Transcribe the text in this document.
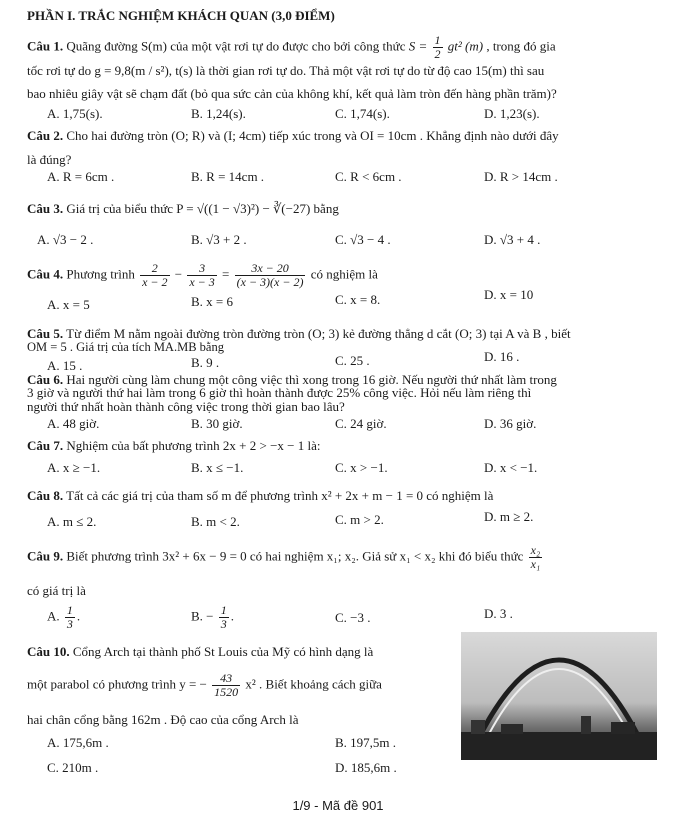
PHẦN I. TRẮC NGHIỆM KHÁCH QUAN (3,0 ĐIỂM)
Câu 1. Quãng đường S(m) của một vật rơi tự do được cho bởi công thức $S = \frac{1}{2} gt^2$ (m) , trong đó gia
tốc rơi tự do g = 9,8(m / s²), t(s) là thời gian rơi tự do. Thả một vật rơi tự do từ độ cao 15(m) thì sau
bao nhiêu giây vật sẽ chạm đất (bỏ qua sức cản của không khí, kết quả làm tròn đến hàng phần trăm)?
A. 1,75(s).	B. 1,24(s).	C. 1,74(s).	D. 1,23(s).
Câu 2. Cho hai đường tròn (O; R) và (I; 4cm) tiếp xúc trong và OI = 10cm . Khẳng định nào dưới đây
là đúng?
A. R = 6cm .	B. R = 14cm .	C. R < 6cm .	D. R > 14cm .
Câu 3. Giá trị của biểu thức P = √((1 − √3)²) − ∛(−27) bằng
A. √3 − 2 .	B. √3 + 2 .	C. √3 − 4 .	D. √3 + 4 .
Câu 4. Phương trình $\frac{2}{x - 2} - \frac{3}{x - 3} = \frac{3x - 20}{(x - 3)(x - 2)}$ có nghiệm là
A. x = 5	B. x = 6	C. x = 8.	D. x = 10
Câu 5. Từ điểm M nằm ngoài đường tròn đường tròn (O; 3) kẻ đường thẳng d cắt (O; 3) tại A và B , biết
OM = 5 . Giá trị của tích MA.MB bằng
A. 15 .	B. 9 .	C. 25 .	D. 16 .
Câu 6. Hai người cùng làm chung một công việc thì xong trong 16 giờ. Nếu người thứ nhất làm trong
3 giờ và người thứ hai làm trong 6 giờ thì hoàn thành được 25% công việc. Hỏi nếu làm riêng thì
người thứ nhất hoàn thành công việc trong thời gian bao lâu?
A. 48 giờ.	B. 30 giờ.	C. 24 giờ.	D. 36 giờ.
Câu 7. Nghiệm của bất phương trình 2x + 2 > −x − 1 là:
A. x ≥ −1.	B. x ≤ −1.	C. x > −1.	D. x < −1.
Câu 8. Tất cả các giá trị của tham số m để phương trình x² + 2x + m − 1 = 0 có nghiệm là
A. m ≤ 2.	B. m < 2.	C. m > 2.	D. m ≥ 2.
Câu 9. Biết phương trình 3x² + 6x − 9 = 0 có hai nghiệm x₁; x₂. Giả sử x₁ < x₂ khi đó biểu thức $\frac{\text{x₂}}{\text{x₁}}$
có giá trị là
A. $\frac{1}{3}$ .	B. − $\frac{1}{3}$ .	C. −3 .	D. 3 .
Câu 10. Cổng Arch tại thành phố St Louis của Mỹ có hình dạng là
một parabol có phương trình y = − $\frac{43}{1520} x^2$ . Biết khoảng cách giữa
hai chân cổng bằng 162m . Độ cao của cổng Arch là
A. 175,6m .	B. 197,5m .
C. 210m .	D. 185,6m .
1/9 - Mã đề 901
